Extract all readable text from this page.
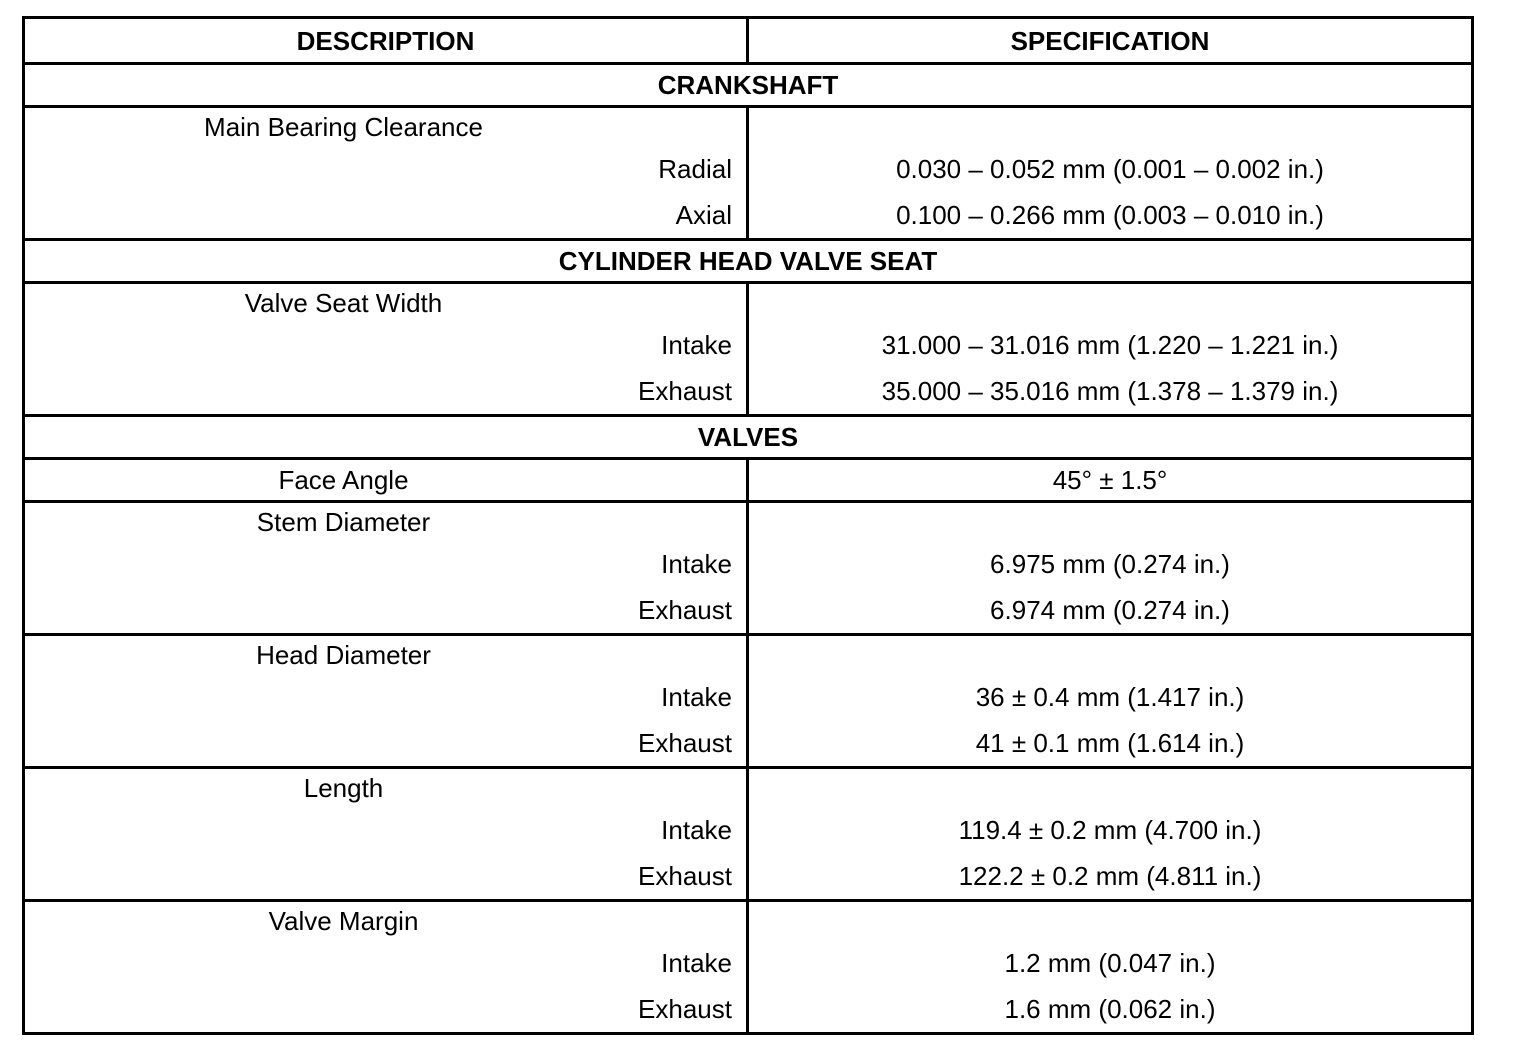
DESCRIPTION	SPECIFICATION
CRANKSHAFT	
Main Bearing Clearance	
Radial	0.030 – 0.052 mm (0.001 – 0.002 in.)
Axial	0.100 – 0.266 mm (0.003 – 0.010 in.)
CYLINDER HEAD VALVE SEAT	
Valve Seat Width	
Intake	31.000 – 31.016 mm (1.220 – 1.221 in.)
Exhaust	35.000 – 35.016 mm (1.378 – 1.379 in.)
VALVES	
Face Angle	45° ± 1.5°
Stem Diameter	
Intake	6.975 mm (0.274 in.)
Exhaust	6.974 mm (0.274 in.)
Head Diameter	
Intake	36 ± 0.4 mm (1.417 in.)
Exhaust	41 ± 0.1 mm (1.614 in.)
Length	
Intake	119.4 ± 0.2 mm (4.700 in.)
Exhaust	122.2 ± 0.2 mm (4.811 in.)
Valve Margin	
Intake	1.2 mm (0.047 in.)
Exhaust	1.6 mm (0.062 in.)
